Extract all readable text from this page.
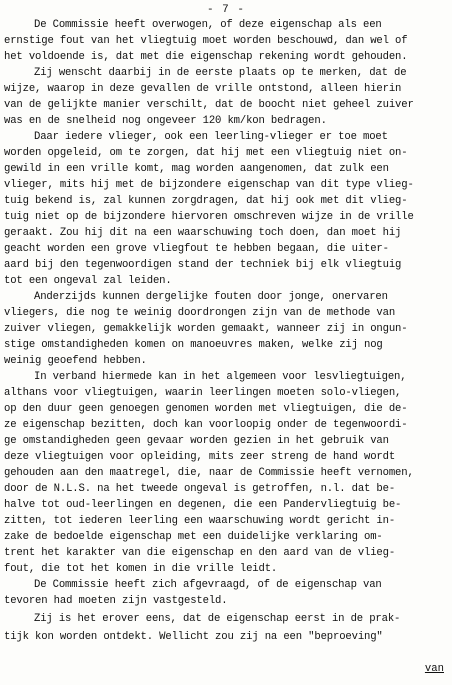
- 7 -
De Commissie heeft overwogen, of deze eigenschap als een
ernstige fout van het vliegtuig moet worden beschouwd, dan wel of
het voldoende is, dat met die eigenschap rekening wordt gehouden.
Zij wenscht daarbij in de eerste plaats op te merken, dat de
wijze, waarop in deze gevallen de vrille ontstond, alleen hierin
van de gelijkte manier verschilt, dat de boocht niet geheel zuiver
was en de snelheid nog ongeveer 120 km/kon bedragen.
Daar iedere vlieger, ook een leerling-vlieger er toe moet
worden opgeleid, om te zorgen, dat hij met een vliegtuig niet on-
gewild in een vrille komt, mag worden aangenomen, dat zulk een
vlieger, mits hij met de bijzondere eigenschap van dit type vlieg-
tuig bekend is, zal kunnen zorgdragen, dat hij ook met dit vlieg-
tuig niet op de bijzondere hiervoren omschreven wijze in de vrille
geraakt. Zou hij dit na een waarschuwing toch doen, dan moet hij
geacht worden een grove vliegfout te hebben begaan, die uiter-
aard bij den tegenwoordigen stand der techniek bij elk vliegtuig
tot een ongeval zal leiden.
Anderzijds kunnen dergelijke fouten door jonge, onervaren
vliegers, die nog te weinig doordrongen zijn van de methode van
zuiver vliegen, gemakkelijk worden gemaakt, wanneer zij in ongun-
stige omstandigheden komen on manoeuvres maken, welke zij nog
weinig geoefend hebben.
In verband hiermede kan in het algemeen voor lesvliegtuigen,
althans voor vliegtuigen, waarin leerlingen moeten solo-vliegen,
op den duur geen genoegen genomen worden met vliegtuigen, die de-
ze eigenschap bezitten, doch kan voorloopig onder de tegenwoordi-
ge omstandigheden geen gevaar worden gezien in het gebruik van
deze vliegtuigen voor opleiding, mits zeer streng de hand wordt
gehouden aan den maatregel, die, naar de Commissie heeft vernomen,
door de N.L.S. na het tweede ongeval is getroffen, n.l. dat be-
halve tot oud-leerlingen en degenen, die een Pandervliegtuig be-
zitten, tot iederen leerling een waarschuwing wordt gericht in-
zake de bedoelde eigenschap met een duidelijke verklaring om-
trent het karakter van die eigenschap en den aard van de vlieg-
fout, die tot het komen in die vrille leidt.
De Commissie heeft zich afgevraagd, of de eigenschap van
tevoren had moeten zijn vastgesteld.
Zij is het erover eens, dat de eigenschap eerst in de prak-
tijk kon worden ontdekt. Wellicht zou zij na een "beproeving"
van
